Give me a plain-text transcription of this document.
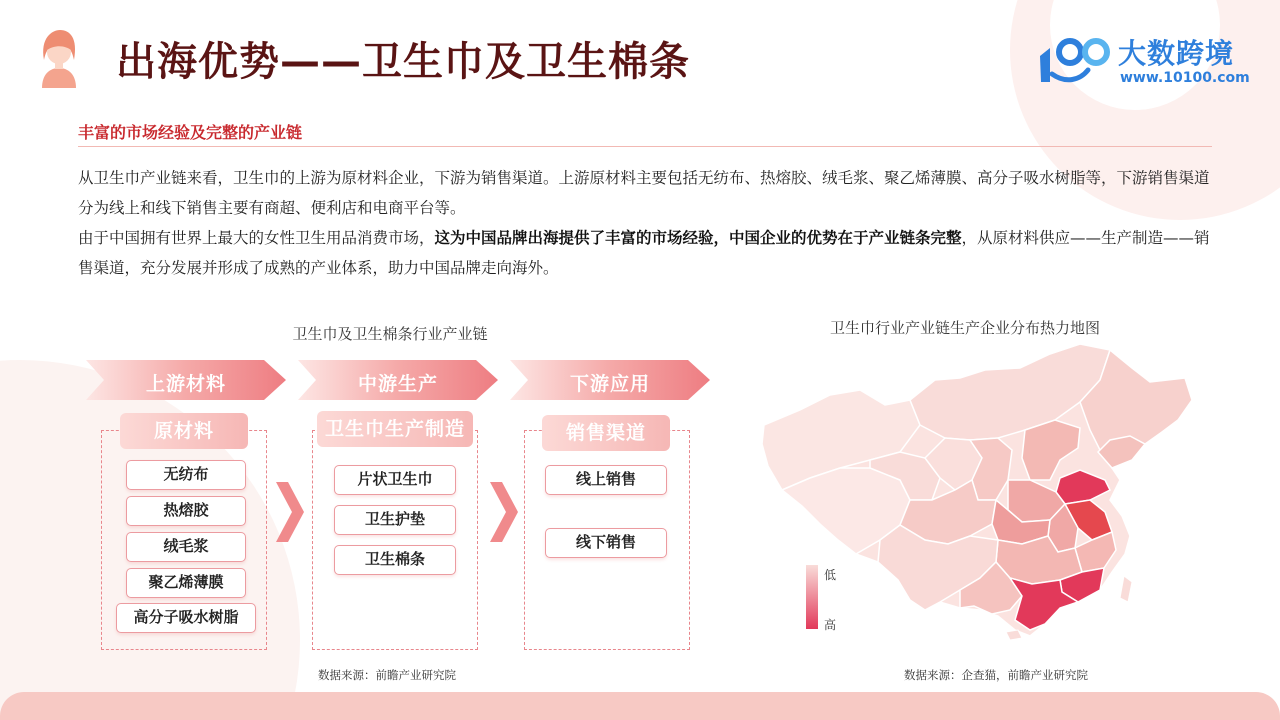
出海优势——卫生巾及卫生棉条	大数跨境
www.10100.com
丰富的市场经验及完整的产业链

从卫生巾产业链来看，卫生巾的上游为原材料企业，下游为销售渠道。上游原材料主要包括无纺布、热熔胶、绒毛浆、聚乙烯薄膜、高分子吸水树脂等，下游销售渠道分为线上和线下销售主要有商超、便利店和电商平台等。

由于中国拥有世界上最大的女性卫生用品消费市场，这为中国品牌出海提供了丰富的市场经验，中国企业的优势在于产业链条完整，从原材料供应——生产制造——销售渠道，充分发展并形成了成熟的产业体系，助力中国品牌走向海外。

卫生巾及卫生棉条行业产业链
上游材料	中游生产	下游应用
原材料
无纺布
热熔胶
绒毛浆
聚乙烯薄膜
高分子吸水树脂
卫生巾生产制造
片状卫生巾
卫生护垫
卫生棉条
销售渠道
线上销售
线下销售
数据来源：前瞻产业研究院
卫生巾行业产业链生产企业分布热力地图
低
高
数据来源：企查猫，前瞻产业研究院
